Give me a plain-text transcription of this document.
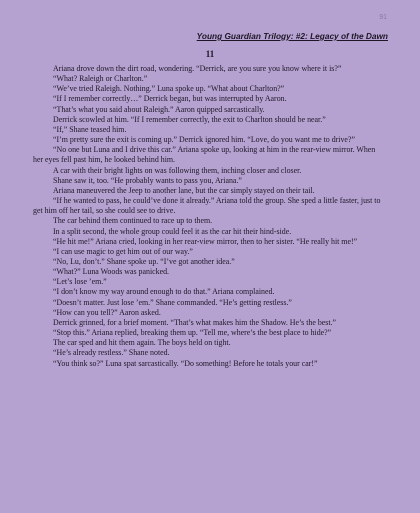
91
Young Guardian Trilogy: #2: Legacy of the Dawn
11

Ariana drove down the dirt road, wondering. “Derrick, are you sure you know where it is?”

“What? Raleigh or Charlton.”

“We’ve tried Raleigh. Nothing.” Luna spoke up. “What about Charlton?”

“If I remember correctly…” Derrick began, but was interrupted by Aaron.

“That’s what you said about Raleigh.” Aaron quipped sarcastically.

Derrick scowled at him. “If I remember correctly, the exit to Charlton should be near.”

“If,” Shane teased him.

“I’m pretty sure the exit is coming up.” Derrick ignored him. “Love, do you want me to drive?”

“No one but Luna and I drive this car.” Ariana spoke up, looking at him in the rear-view mirror. When her eyes fell past him, he looked behind him.

A car with their bright lights on was following them, inching closer and closer.

Shane saw it, too. “He probably wants to pass you, Ariana.”

Ariana maneuvered the Jeep to another lane, but the car simply stayed on their tail.

“If he wanted to pass, he could’ve done it already.” Ariana told the group. She sped a little faster, just to get him off her tail, so she could see to drive.

The car behind them continued to race up to them.

In a split second, the whole group could feel it as the car hit their hind-side.

“He hit me!” Ariana cried, looking in her rear-view mirror, then to her sister. “He really hit me!”

“I can use magic to get him out of our way.”

“No, Lu, don’t.” Shane spoke up. “I’ve got another idea.”

“What?” Luna Woods was panicked.

“Let’s lose ’em.”

“I don’t know my way around enough to do that.” Ariana complained.

“Doesn’t matter. Just lose ’em.” Shane commanded. “He’s getting restless.”

“How can you tell?” Aaron asked.

Derrick grinned, for a brief moment. “That’s what makes him the Shadow. He’s the best.”

“Stop this.” Ariana replied, breaking them up. “Tell me, where’s the best place to hide?”

The car sped and hit them again. The boys held on tight.

“He’s already restless.” Shane noted.

“You think so?” Luna spat sarcastically. “Do something! Before he totals your car!”
